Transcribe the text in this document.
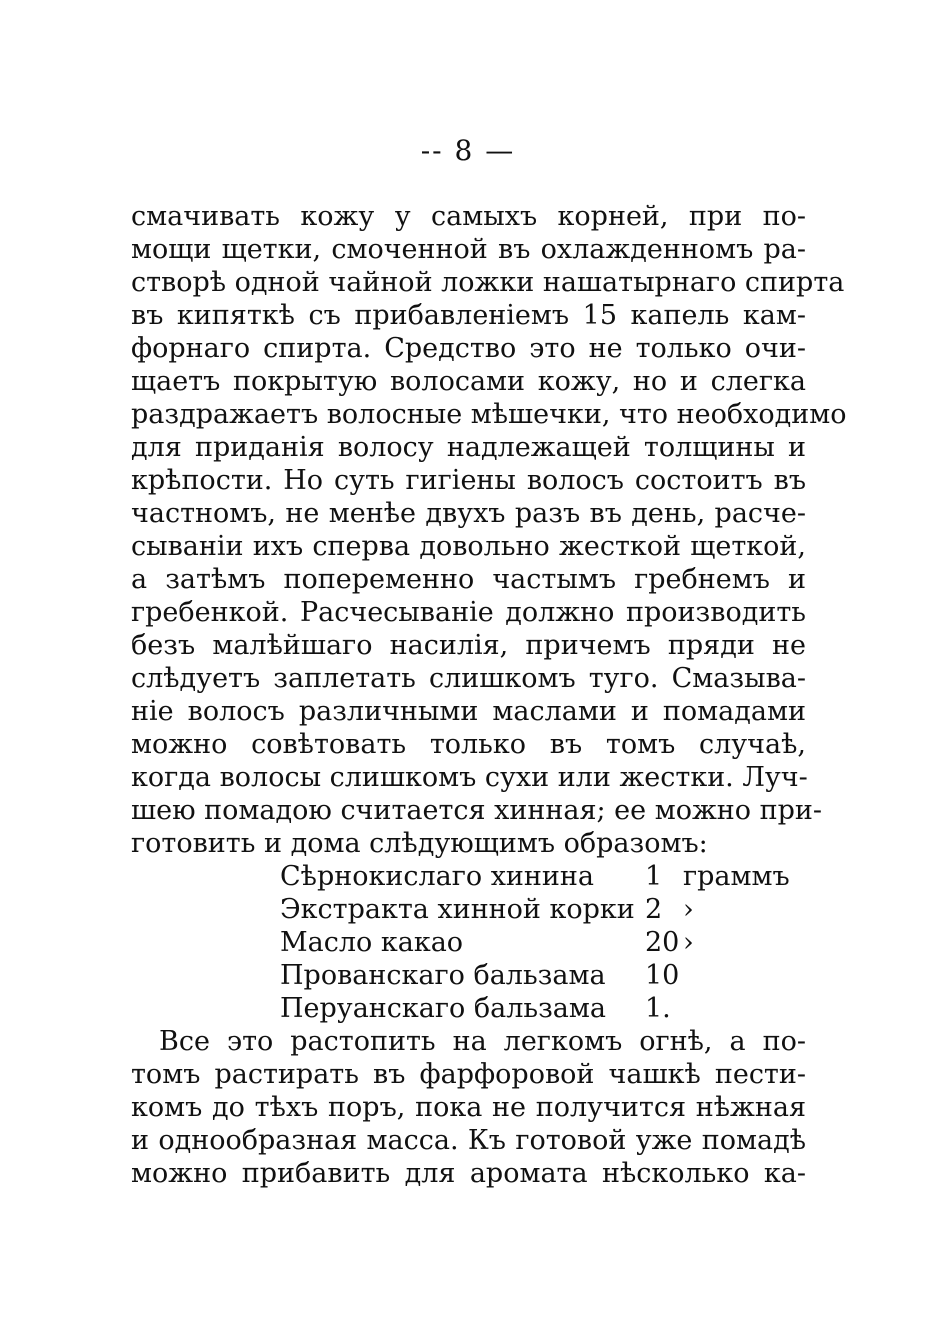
-- 8 —
смачивать кожу у самыхъ корней, при по-
мощи щетки, смоченной въ охлажденномъ ра-
створѣ одной чайной ложки нашатырнаго спирта
въ кипяткѣ съ прибавленіемъ 15 капель кам-
форнаго спирта. Средство это не только очи-
щаетъ покрытую волосами кожу, но и слегка
раздражаетъ волосные мѣшечки, что необходимо
для приданія волосу надлежащей толщины и
крѣпости. Но суть гигіены волосъ состоитъ въ
частномъ, не менѣе двухъ разъ въ день, расче-
сываніи ихъ сперва довольно жесткой щеткой,
а затѣмъ попеременно частымъ гребнемъ и
гребенкой. Расчесываніе должно производить
безъ малѣйшаго насилія, причемъ пряди не
слѣдуетъ заплетать слишкомъ туго. Смазыва-
ніе волосъ различными маслами и помадами
можно совѣтовать только въ томъ случаѣ,
когда волосы слишкомъ сухи или жестки. Луч-
шею помадою считается хинная; ее можно при-
готовить и дома слѣдующимъ образомъ:
Сѣрнокислаго хинина	1 граммъ
Экстракта хинной корки 2 ›
Масло какао	20 ›
Прованскаго бальзама	10
Перуанскаго бальзама	1.
Все это растопить на легкомъ огнѣ, а по-
томъ растирать въ фарфоровой чашкѣ пести-
комъ до тѣхъ поръ, пока не получится нѣжная
и однообразная масса. Къ готовой уже помадѣ
можно прибавить для аромата нѣсколько ка-
